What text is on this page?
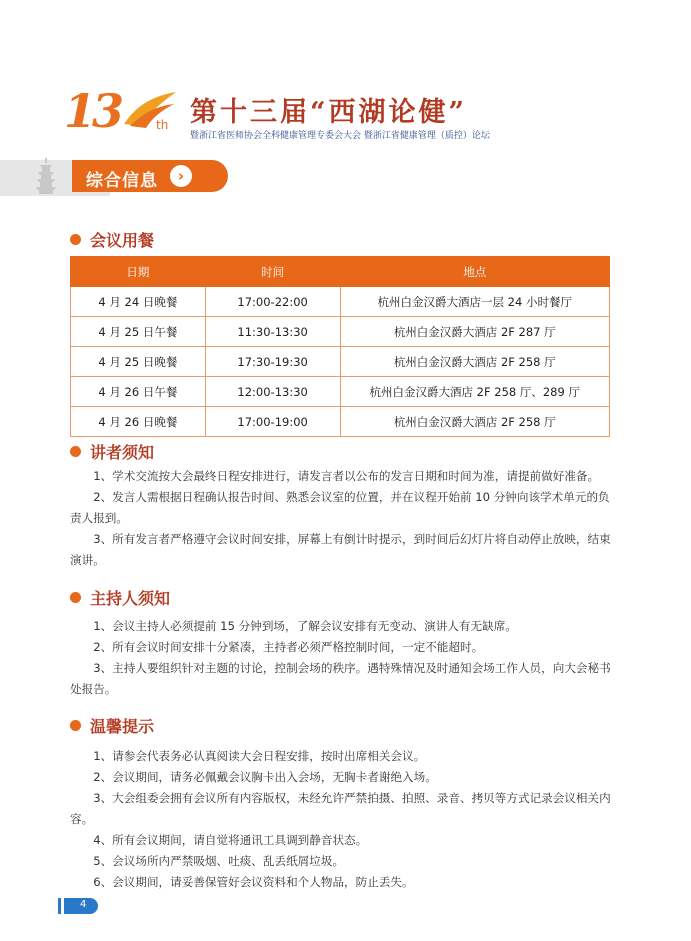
13	th 第十三届“西湖论健”
暨浙江省医师协会全科健康管理专委会大会 暨浙江省健康管理（质控）论坛
综合信息	›
会议用餐
日期	时间	地点
4 月 24 日晚餐	17:00-22:00	杭州白金汉爵大酒店一层 24 小时餐厅
4 月 25 日午餐	11:30-13:30	杭州白金汉爵大酒店 2F 287 厅
4 月 25 日晚餐	17:30-19:30	杭州白金汉爵大酒店 2F 258 厅
4 月 26 日午餐	12:00-13:30	杭州白金汉爵大酒店 2F 258 厅、289 厅
4 月 26 日晚餐	17:00-19:00	杭州白金汉爵大酒店 2F 258 厅
讲者须知

1、学术交流按大会最终日程安排进行，请发言者以公布的发言日期和时间为准，请提前做好准备。

2、发言人需根据日程确认报告时间、熟悉会议室的位置，并在议程开始前 10 分钟向该学术单元的负责人报到。

3、所有发言者严格遵守会议时间安排，屏幕上有倒计时提示，到时间后幻灯片将自动停止放映，结束演讲。

主持人须知

1、会议主持人必须提前 15 分钟到场，了解会议安排有无变动、演讲人有无缺席。

2、所有会议时间安排十分紧凑，主持者必须严格控制时间，一定不能超时。

3、主持人要组织针对主题的讨论，控制会场的秩序。遇特殊情况及时通知会场工作人员，向大会秘书处报告。

温馨提示

1、请参会代表务必认真阅读大会日程安排，按时出席相关会议。

2、会议期间，请务必佩戴会议胸卡出入会场，无胸卡者谢绝入场。

3、大会组委会拥有会议所有内容版权，未经允许严禁拍摄、拍照、录音、拷贝等方式记录会议相关内容。

4、所有会议期间，请自觉将通讯工具调到静音状态。

5、会议场所内严禁吸烟、吐痰、乱丢纸屑垃圾。

6、会议期间，请妥善保管好会议资料和个人物品，防止丢失。

4
